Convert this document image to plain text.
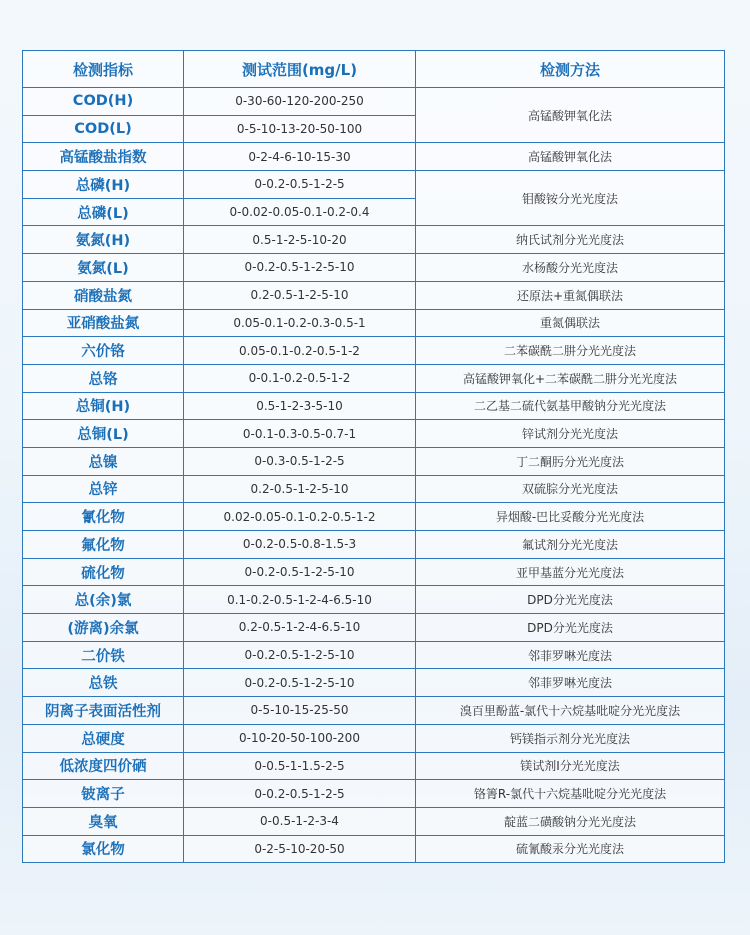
检测指标	测试范围(mg/L)	检测方法
COD(H)	0-30-60-120-200-250	高锰酸钾氧化法
COD(L)	0-5-10-13-20-50-100	
高锰酸盐指数	0-2-4-6-10-15-30	高锰酸钾氧化法
总磷(H)	0-0.2-0.5-1-2-5	钼酸铵分光光度法
总磷(L)	0-0.02-0.05-0.1-0.2-0.4	
氨氮(H)	0.5-1-2-5-10-20	纳氏试剂分光光度法
氨氮(L)	0-0.2-0.5-1-2-5-10	水杨酸分光光度法
硝酸盐氮	0.2-0.5-1-2-5-10	还原法+重氮偶联法
亚硝酸盐氮	0.05-0.1-0.2-0.3-0.5-1	重氮偶联法
六价铬	0.05-0.1-0.2-0.5-1-2	二苯碳酰二肼分光光度法
总铬	0-0.1-0.2-0.5-1-2	高锰酸钾氧化+二苯碳酰二肼分光光度法
总铜(H)	0.5-1-2-3-5-10	二乙基二硫代氨基甲酸钠分光光度法
总铜(L)	0-0.1-0.3-0.5-0.7-1	锌试剂分光光度法
总镍	0-0.3-0.5-1-2-5	丁二酮肟分光光度法
总锌	0.2-0.5-1-2-5-10	双硫腙分光光度法
氰化物	0.02-0.05-0.1-0.2-0.5-1-2	异烟酸-巴比妥酸分光光度法
氟化物	0-0.2-0.5-0.8-1.5-3	氟试剂分光光度法
硫化物	0-0.2-0.5-1-2-5-10	亚甲基蓝分光光度法
总(余)氯	0.1-0.2-0.5-1-2-4-6.5-10	DPD分光光度法
(游离)余氯	0.2-0.5-1-2-4-6.5-10	DPD分光光度法
二价铁	0-0.2-0.5-1-2-5-10	邻菲罗啉光度法
总铁	0-0.2-0.5-1-2-5-10	邻菲罗啉光度法
阴离子表面活性剂	0-5-10-15-25-50	溴百里酚蓝-氯代十六烷基吡啶分光光度法
总硬度	0-10-20-50-100-200	钙镁指示剂分光光度法
低浓度四价硒	0-0.5-1-1.5-2-5	镁试剂I分光光度法
铍离子	0-0.2-0.5-1-2-5	铬箐R-氯代十六烷基吡啶分光光度法
臭氧	0-0.5-1-2-3-4	靛蓝二磺酸钠分光光度法
氯化物	0-2-5-10-20-50	硫氰酸汞分光光度法
